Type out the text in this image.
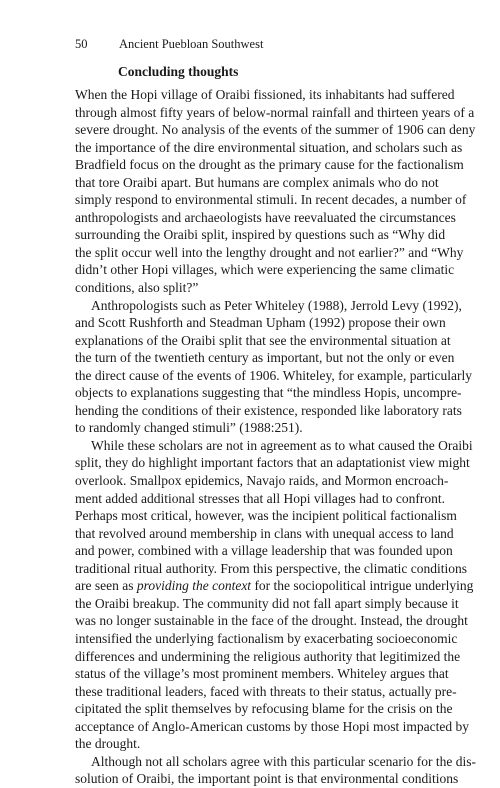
50	Ancient Puebloan Southwest
Concluding thoughts
When the Hopi village of Oraibi fissioned, its inhabitants had suffered
through almost fifty years of below-normal rainfall and thirteen years of a
severe drought. No analysis of the events of the summer of 1906 can deny
the importance of the dire environmental situation, and scholars such as
Bradfield focus on the drought as the primary cause for the factionalism
that tore Oraibi apart. But humans are complex animals who do not
simply respond to environmental stimuli. In recent decades, a number of
anthropologists and archaeologists have reevaluated the circumstances
surrounding the Oraibi split, inspired by questions such as “Why did
the split occur well into the lengthy drought and not earlier?” and “Why
didn’t other Hopi villages, which were experiencing the same climatic
conditions, also split?”
Anthropologists such as Peter Whiteley (1988), Jerrold Levy (1992),
and Scott Rushforth and Steadman Upham (1992) propose their own
explanations of the Oraibi split that see the environmental situation at
the turn of the twentieth century as important, but not the only or even
the direct cause of the events of 1906. Whiteley, for example, particularly
objects to explanations suggesting that “the mindless Hopis, uncompre-
hending the conditions of their existence, responded like laboratory rats
to randomly changed stimuli” (1988:251).
While these scholars are not in agreement as to what caused the Oraibi
split, they do highlight important factors that an adaptationist view might
overlook. Smallpox epidemics, Navajo raids, and Mormon encroach-
ment added additional stresses that all Hopi villages had to confront.
Perhaps most critical, however, was the incipient political factionalism
that revolved around membership in clans with unequal access to land
and power, combined with a village leadership that was founded upon
traditional ritual authority. From this perspective, the climatic conditions
are seen as providing the context for the sociopolitical intrigue underlying
the Oraibi breakup. The community did not fall apart simply because it
was no longer sustainable in the face of the drought. Instead, the drought
intensified the underlying factionalism by exacerbating socioeconomic
differences and undermining the religious authority that legitimized the
status of the village’s most prominent members. Whiteley argues that
these traditional leaders, faced with threats to their status, actually pre-
cipitated the split themselves by refocusing blame for the crisis on the
acceptance of Anglo-American customs by those Hopi most impacted by
the drought.
Although not all scholars agree with this particular scenario for the dis-
solution of Oraibi, the important point is that environmental conditions
